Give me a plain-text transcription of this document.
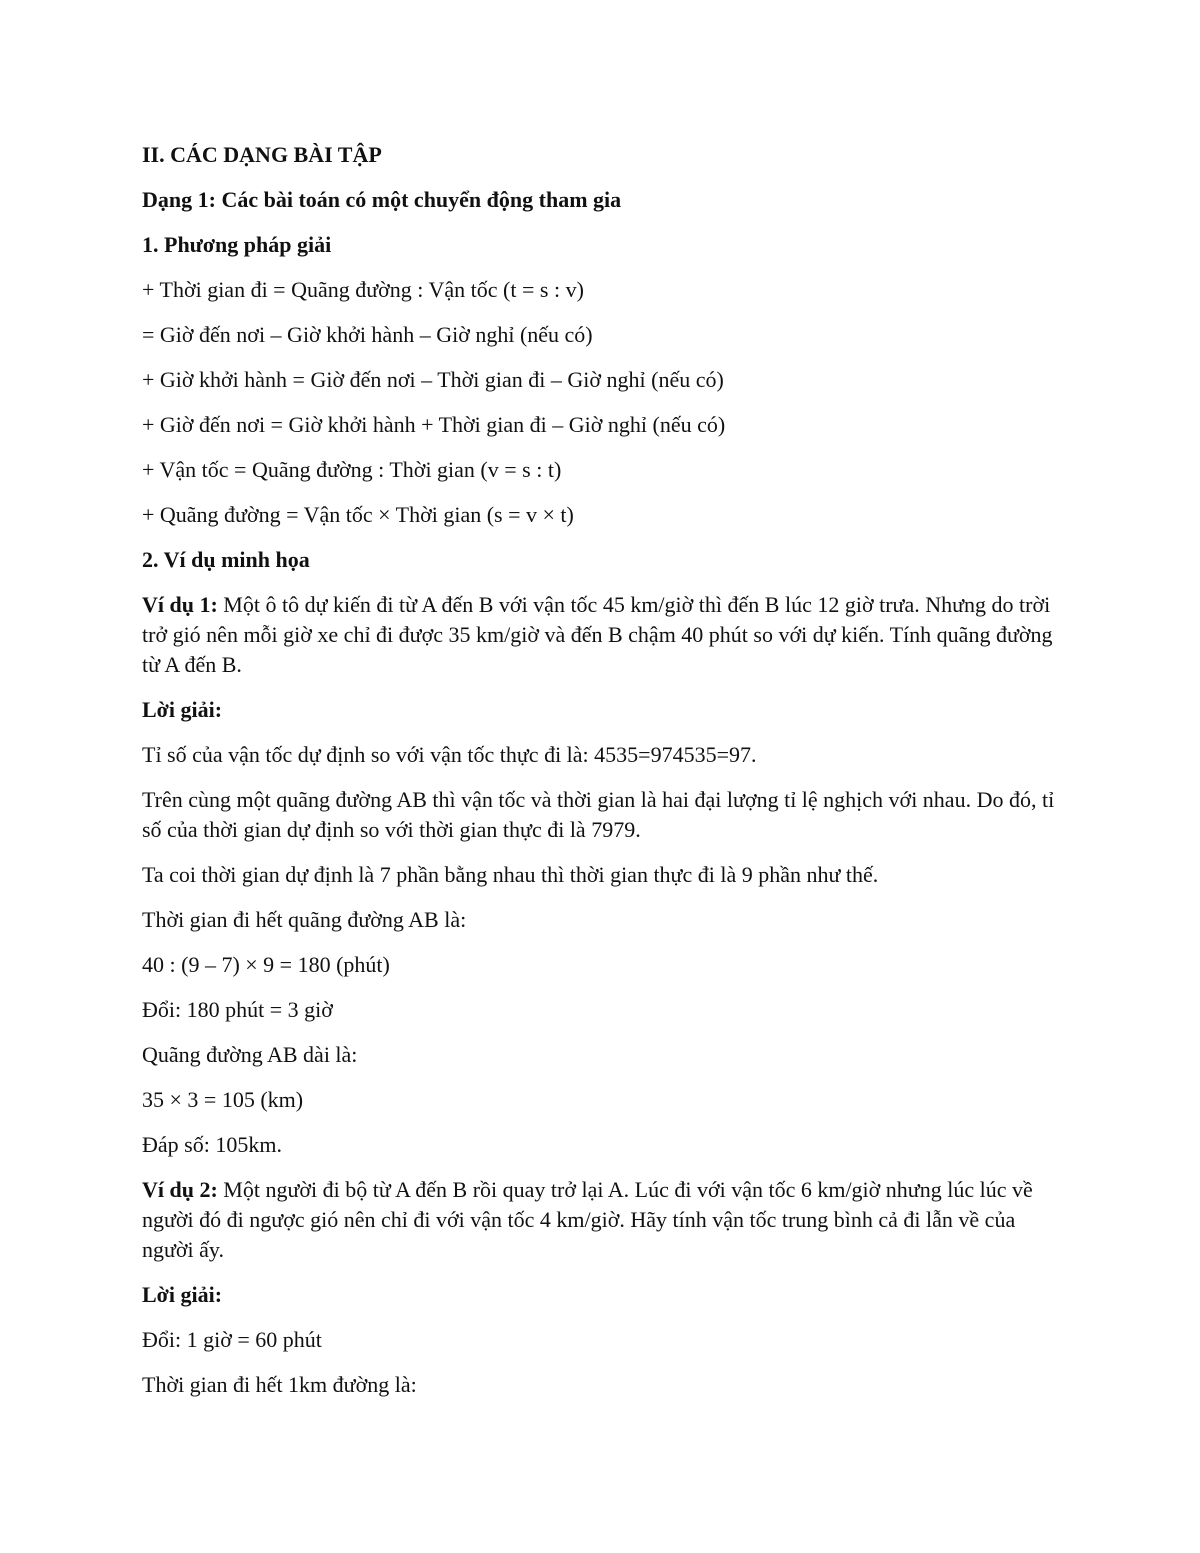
II. CÁC DẠNG BÀI TẬP

Dạng 1: Các bài toán có một chuyển động tham gia

1. Phương pháp giải

+ Thời gian đi = Quãng đường : Vận tốc (t = s : v)

= Giờ đến nơi – Giờ khởi hành – Giờ nghỉ (nếu có)

+ Giờ khởi hành = Giờ đến nơi – Thời gian đi – Giờ nghỉ (nếu có)

+ Giờ đến nơi = Giờ khởi hành + Thời gian đi – Giờ nghỉ (nếu có)

+ Vận tốc = Quãng đường : Thời gian (v = s : t)

+ Quãng đường = Vận tốc × Thời gian (s = v × t)

2. Ví dụ minh họa

Ví dụ 1: Một ô tô dự kiến đi từ A đến B với vận tốc 45 km/giờ thì đến B lúc 12 giờ trưa. Nhưng do trời trở gió nên mỗi giờ xe chỉ đi được 35 km/giờ và đến B chậm 40 phút so với dự kiến. Tính quãng đường từ A đến B.

Lời giải:

Tỉ số của vận tốc dự định so với vận tốc thực đi là: 4535=974535=97.

Trên cùng một quãng đường AB thì vận tốc và thời gian là hai đại lượng tỉ lệ nghịch với nhau. Do đó, tỉ số của thời gian dự định so với thời gian thực đi là 7979.

Ta coi thời gian dự định là 7 phần bằng nhau thì thời gian thực đi là 9 phần như thế.

Thời gian đi hết quãng đường AB là:

40 : (9 – 7) × 9 = 180 (phút)

Đổi: 180 phút = 3 giờ

Quãng đường AB dài là:

35 × 3 = 105 (km)

Đáp số: 105km.

Ví dụ 2: Một người đi bộ từ A đến B rồi quay trở lại A. Lúc đi với vận tốc 6 km/giờ nhưng lúc lúc về người đó đi ngược gió nên chỉ đi với vận tốc 4 km/giờ. Hãy tính vận tốc trung bình cả đi lẫn về của người ấy.

Lời giải:

Đổi: 1 giờ = 60 phút

Thời gian đi hết 1km đường là:
